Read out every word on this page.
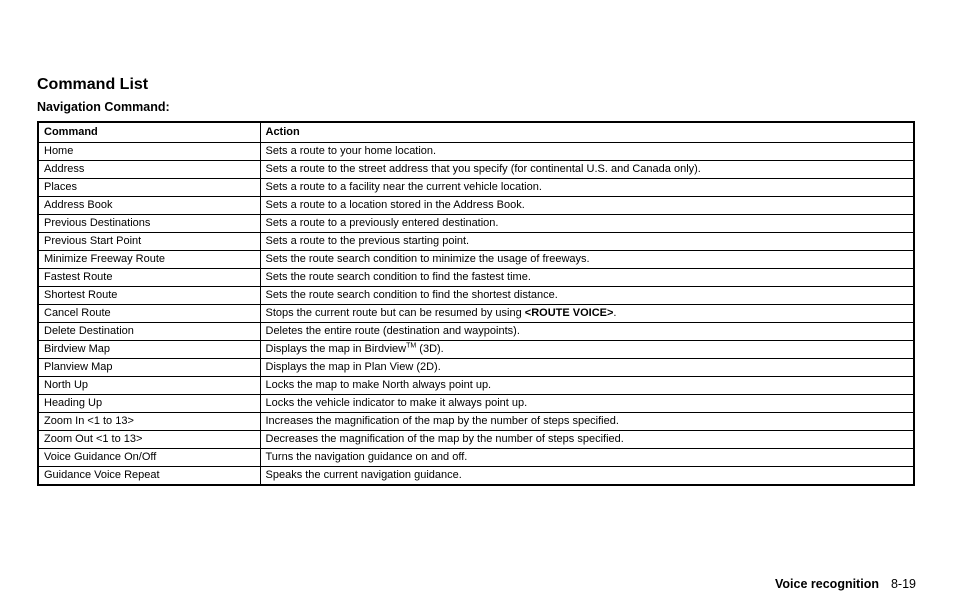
Command List
Navigation Command:
Command	Action
Home	Sets a route to your home location.
Address	Sets a route to the street address that you specify (for continental U.S. and Canada only).
Places	Sets a route to a facility near the current vehicle location.
Address Book	Sets a route to a location stored in the Address Book.
Previous Destinations	Sets a route to a previously entered destination.
Previous Start Point	Sets a route to the previous starting point.
Minimize Freeway Route	Sets the route search condition to minimize the usage of freeways.
Fastest Route	Sets the route search condition to find the fastest time.
Shortest Route	Sets the route search condition to find the shortest distance.
Cancel Route	Stops the current route but can be resumed by using <ROUTE VOICE>.
Delete Destination	Deletes the entire route (destination and waypoints).
Birdview Map	Displays the map in Birdview™ (3D).
Planview Map	Displays the map in Plan View (2D).
North Up	Locks the map to make North always point up.
Heading Up	Locks the vehicle indicator to make it always point up.
Zoom In <1 to 13>	Increases the magnification of the map by the number of steps specified.
Zoom Out <1 to 13>	Decreases the magnification of the map by the number of steps specified.
Voice Guidance On/Off	Turns the navigation guidance on and off.
Guidance Voice Repeat	Speaks the current navigation guidance.
Voice recognition 8-19
